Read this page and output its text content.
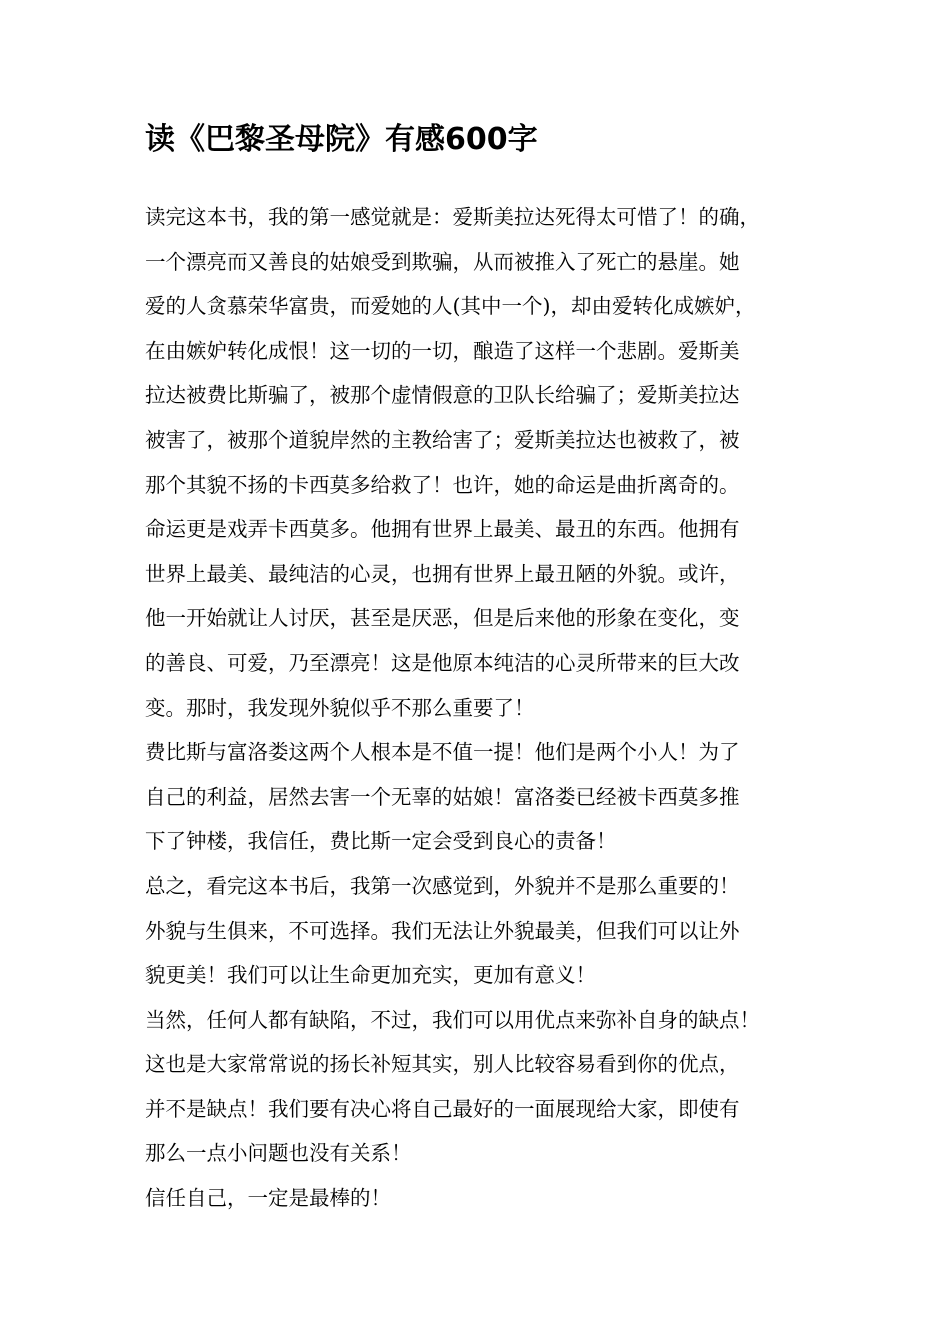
读《巴黎圣母院》有感600字
读完这本书，我的第一感觉就是：爱斯美拉达死得太可惜了！的确，
一个漂亮而又善良的姑娘受到欺骗，从而被推入了死亡的悬崖。她
爱的人贪慕荣华富贵，而爱她的人(其中一个)，却由爱转化成嫉妒，
在由嫉妒转化成恨！这一切的一切，酿造了这样一个悲剧。爱斯美
拉达被费比斯骗了，被那个虚情假意的卫队长给骗了；爱斯美拉达
被害了，被那个道貌岸然的主教给害了；爱斯美拉达也被救了，被
那个其貌不扬的卡西莫多给救了！也许，她的命运是曲折离奇的。
命运更是戏弄卡西莫多。他拥有世界上最美、最丑的东西。他拥有
世界上最美、最纯洁的心灵，也拥有世界上最丑陋的外貌。或许，
他一开始就让人讨厌，甚至是厌恶，但是后来他的形象在变化，变
的善良、可爱，乃至漂亮！这是他原本纯洁的心灵所带来的巨大改
变。那时，我发现外貌似乎不那么重要了！
费比斯与富洛娄这两个人根本是不值一提！他们是两个小人！为了
自己的利益，居然去害一个无辜的姑娘！富洛娄已经被卡西莫多推
下了钟楼，我信任，费比斯一定会受到良心的责备！
总之，看完这本书后，我第一次感觉到，外貌并不是那么重要的！
外貌与生俱来，不可选择。我们无法让外貌最美，但我们可以让外
貌更美！我们可以让生命更加充实，更加有意义！
当然，任何人都有缺陷，不过，我们可以用优点来弥补自身的缺点！
这也是大家常常说的扬长补短其实，别人比较容易看到你的优点，
并不是缺点！我们要有决心将自己最好的一面展现给大家，即使有
那么一点小问题也没有关系！
信任自己，一定是最棒的！
